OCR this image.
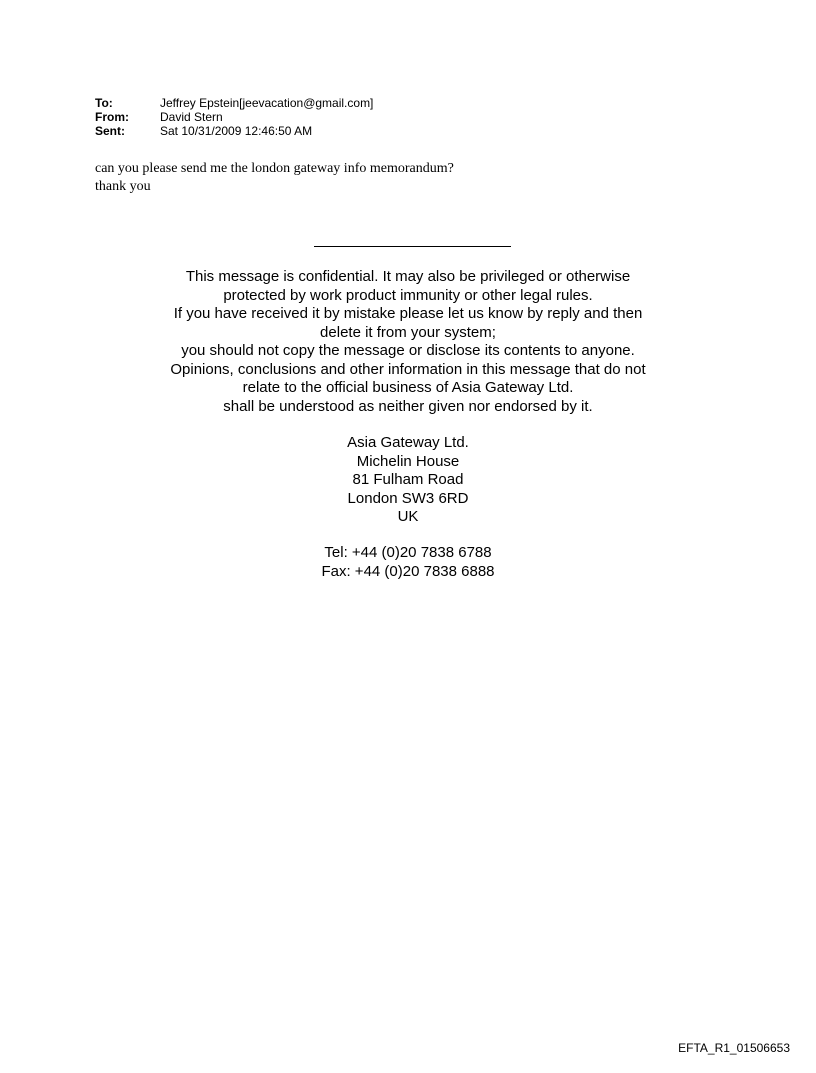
To:	Jeffrey Epstein[jeevacation@gmail.com]
From:	David Stern
Sent:	Sat 10/31/2009 12:46:50 AM
can you please send me the london gateway info memorandum?
thank you
This message is confidential. It may also be privileged or otherwise
protected by work product immunity or other legal rules.
If you have received it by mistake please let us know by reply and then
delete it from your system;
you should not copy the message or disclose its contents to anyone.
Opinions, conclusions and other information in this message that do not
relate to the official business of Asia Gateway Ltd.
shall be understood as neither given nor endorsed by it.
Asia Gateway Ltd.
Michelin House
81 Fulham Road
London SW3 6RD
UK
Tel: +44 (0)20 7838 6788
Fax: +44 (0)20 7838 6888
EFTA_R1_01506653
